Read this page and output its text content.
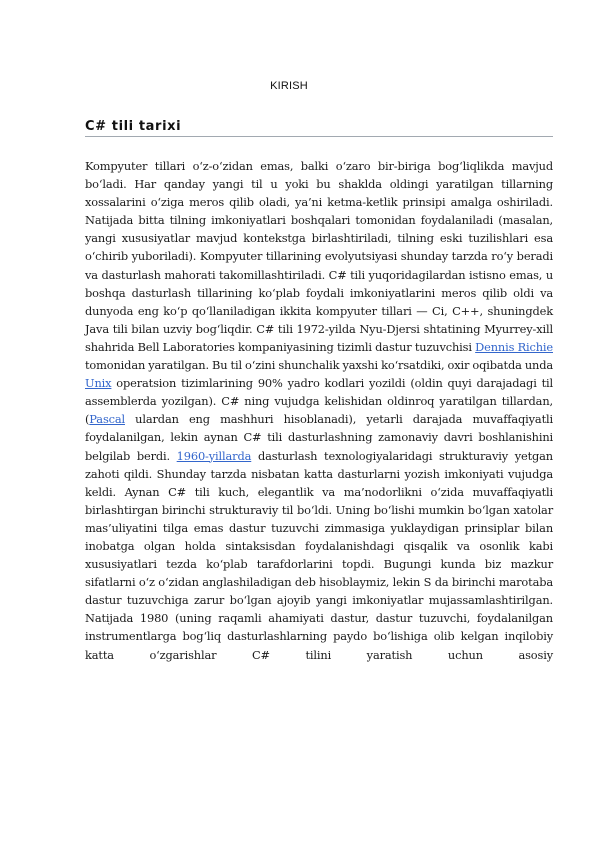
KIRISH
C# tili tarixi

Kompyuter tillari o‘z-o‘zidan emas, balki o‘zaro bir-biriga bog‘liqlikda mavjud bo‘ladi. Har qanday yangi til u yoki bu shaklda oldingi yaratilgan tillarning xossalarini o‘ziga meros qilib oladi, ya’ni ketma-ketlik prinsipi amalga oshiriladi. Natijada bitta tilning imkoniyatlari boshqalari tomonidan foydalaniladi (masalan, yangi xususiyatlar mavjud kontekstga birlashtiriladi, tilning eski tuzilishlari esa o‘chirib yuboriladi). Kompyuter tillarining evolyutsiyasi shunday tarzda ro‘y beradi va dasturlash mahorati takomillashtiriladi. C# tili yuqoridagilardan istisno emas, u boshqa dasturlash tillarining ko‘plab foydali imkoniyatlarini meros qilib oldi va dunyoda eng ko‘p qo‘llaniladigan ikkita kompyuter tillari — Ci, C++, shuningdek Java tili bilan uzviy bog‘liqdir. C# tili 1972-yilda Nyu-Djersi shtatining Myurrey-xill shahrida Bell Laboratories kompaniyasining tizimli dastur tuzuvchisi Dennis Richie tomonidan yaratilgan. Bu til o‘zini shunchalik yaxshi ko‘rsatdiki, oxir oqibatda unda Unix operatsion tizimlarining 90% yadro kodlari yozildi (oldin quyi darajadagi til assemblerda yozilgan). C# ning vujudga kelishidan oldinroq yaratilgan tillardan, (Pascal ulardan eng mashhuri hisoblanadi), yetarli darajada muvaffaqiyatli foydalanilgan, lekin aynan C# tili dasturlashning zamonaviy davri boshlanishini belgilab berdi. 1960-yillarda dasturlash texnologiyalaridagi strukturaviy yetgan zahoti qildi. Shunday tarzda nisbatan katta dasturlarni yozish imkoniyati vujudga keldi. Aynan C# tili kuch, elegantlik va ma’nodorlikni o‘zida muvaffaqiyatli birlashtirgan birinchi strukturaviy til bo‘ldi. Uning bo‘lishi mumkin bo‘lgan xatolar mas’uliyatini tilga emas dastur tuzuvchi zimmasiga yuklaydigan prinsiplar bilan inobatga olgan holda sintaksisdan foydalanishdagi qisqalik va osonlik kabi xususiyatlari tezda ko‘plab tarafdorlarini topdi. Bugungi kunda biz mazkur sifatlarni o‘z o‘zidan anglashiladigan deb hisoblaymiz, lekin S da birinchi marotaba dastur tuzuvchiga zarur bo‘lgan ajoyib yangi imkoniyatlar mujassamlashtirilgan. Natijada 1980 (uning raqamli ahamiyati dastur, dastur tuzuvchi, foydalanilgan instrumentlarga bog‘liq dasturlashlarning paydo bo‘lishiga olib kelgan inqilobiy katta o‘zgarishlar C# tilini yaratish uchun asosiy
